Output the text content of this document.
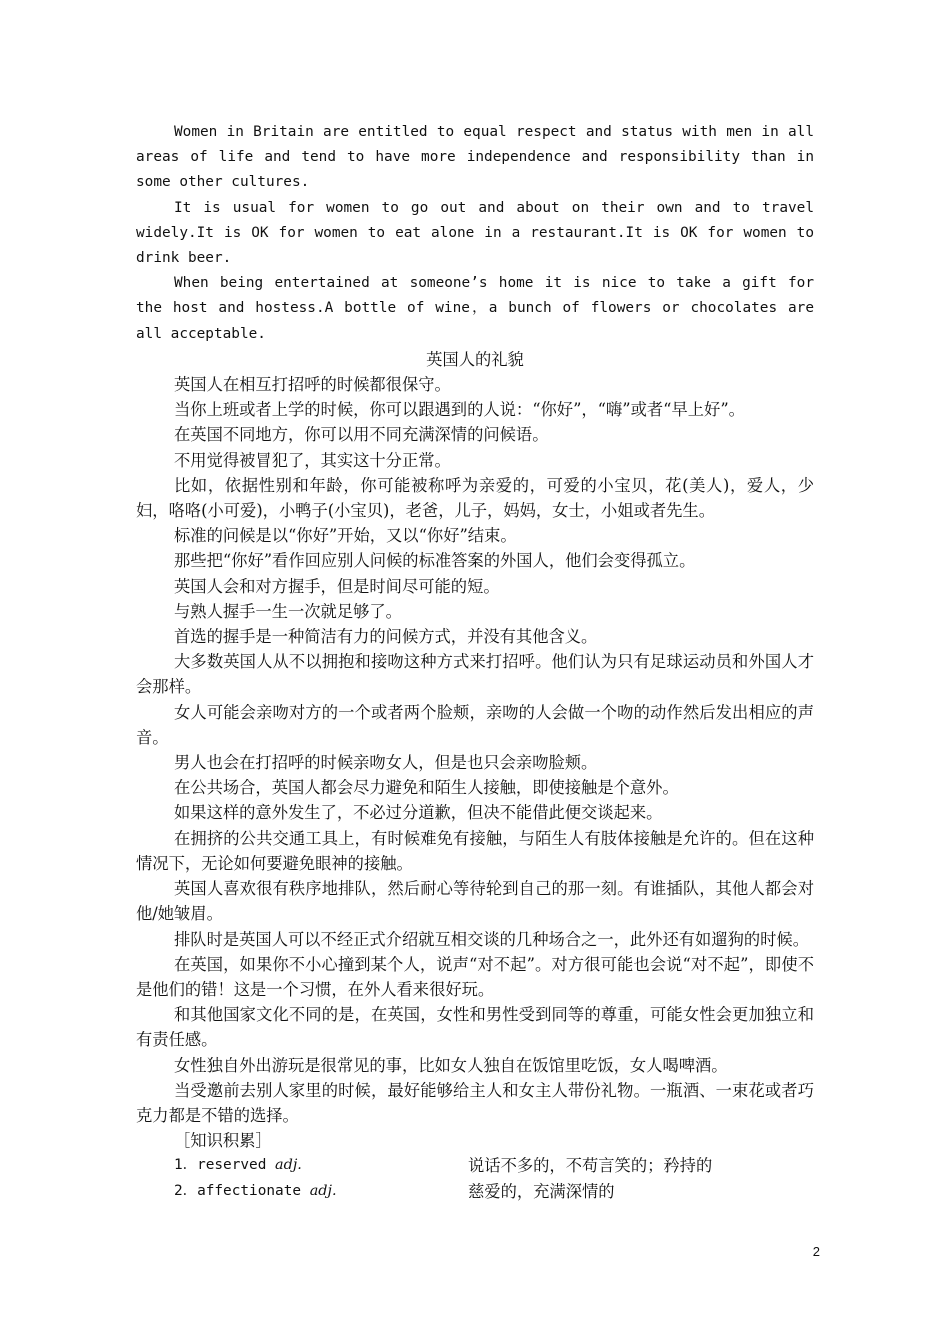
Women in Britain are entitled to equal respect and status with men in all areas of life and tend to have more independence and responsibility than in some other cultures.

It is usual for women to go out and about on their own and to travel widely.It is OK for women to eat alone in a restaurant.It is OK for women to drink beer.

When being entertained at someone’s home it is nice to take a gift for the host and hostess.A bottle of wine，a bunch of flowers or chocolates are all acceptable.

英国人的礼貌

英国人在相互打招呼的时候都很保守。

当你上班或者上学的时候，你可以跟遇到的人说：“你好”，“嗨”或者“早上好”。

在英国不同地方，你可以用不同充满深情的问候语。

不用觉得被冒犯了，其实这十分正常。

比如，依据性别和年龄，你可能被称呼为亲爱的，可爱的小宝贝，花(美人)，爱人，少妇，咯咯(小可爱)，小鸭子(小宝贝)，老爸，儿子，妈妈，女士，小姐或者先生。

标准的问候是以“你好”开始，又以“你好”结束。

那些把“你好”看作回应别人问候的标准答案的外国人，他们会变得孤立。

英国人会和对方握手，但是时间尽可能的短。

与熟人握手一生一次就足够了。

首选的握手是一种简洁有力的问候方式，并没有其他含义。

大多数英国人从不以拥抱和接吻这种方式来打招呼。他们认为只有足球运动员和外国人才会那样。

女人可能会亲吻对方的一个或者两个脸颊，亲吻的人会做一个吻的动作然后发出相应的声音。

男人也会在打招呼的时候亲吻女人，但是也只会亲吻脸颊。

在公共场合，英国人都会尽力避免和陌生人接触，即使接触是个意外。

如果这样的意外发生了，不必过分道歉，但决不能借此便交谈起来。

在拥挤的公共交通工具上，有时候难免有接触，与陌生人有肢体接触是允许的。但在这种情况下，无论如何要避免眼神的接触。

英国人喜欢很有秩序地排队，然后耐心等待轮到自己的那一刻。有谁插队，其他人都会对他/她皱眉。

排队时是英国人可以不经正式介绍就互相交谈的几种场合之一，此外还有如遛狗的时候。

在英国，如果你不小心撞到某个人，说声“对不起”。对方很可能也会说“对不起”，即使不是他们的错！这是一个习惯，在外人看来很好玩。

和其他国家文化不同的是，在英国，女性和男性受到同等的尊重，可能女性会更加独立和有责任感。

女性独自外出游玩是很常见的事，比如女人独自在饭馆里吃饭，女人喝啤酒。

当受邀前去别人家里的时候，最好能够给主人和女主人带份礼物。一瓶酒、一束花或者巧克力都是不错的选择。

［知识积累］

1．reserved adj.	说话不多的，不苟言笑的；矜持的
2．affectionate adj.	慈爱的，充满深情的
2
